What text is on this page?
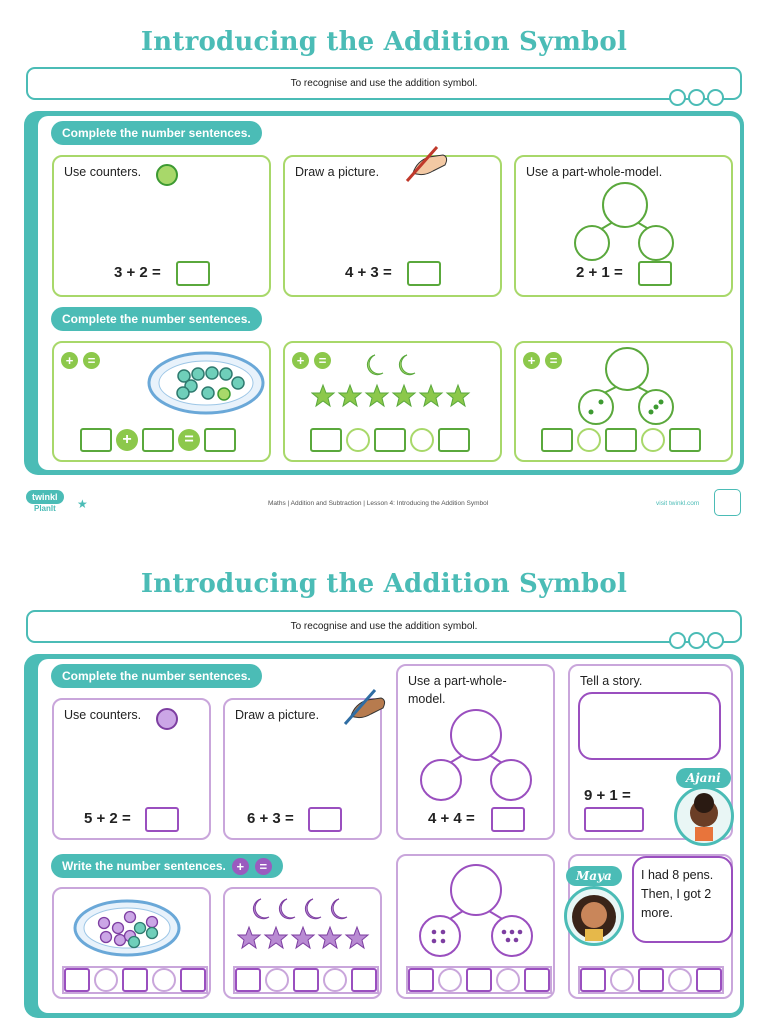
Introducing the Addition Symbol
To recognise and use the addition symbol.
Complete the number sentences.
Use counters.
3 + 2 =
Draw a picture.
4 + 3 =
Use a part-whole-model.
2 + 1 =
Complete the number sentences.
+	=
+	=
+	=	+	=
twinkl
PlanIt	★	Maths | Addition and Subtraction | Lesson 4: Introducing the Addition Symbol	visit twinkl.com
Introducing the Addition Symbol
To recognise and use the addition symbol.
Complete the number sentences.
Use counters.
5 + 2 =
Draw a picture.
6 + 3 =
Use a part-whole-
model.
4 + 4 =
Tell a story.
9 + 1 =
Ajani
Write the number sentences. +	=
I had 8 pens.
Then, I got 2
more.
Maya
